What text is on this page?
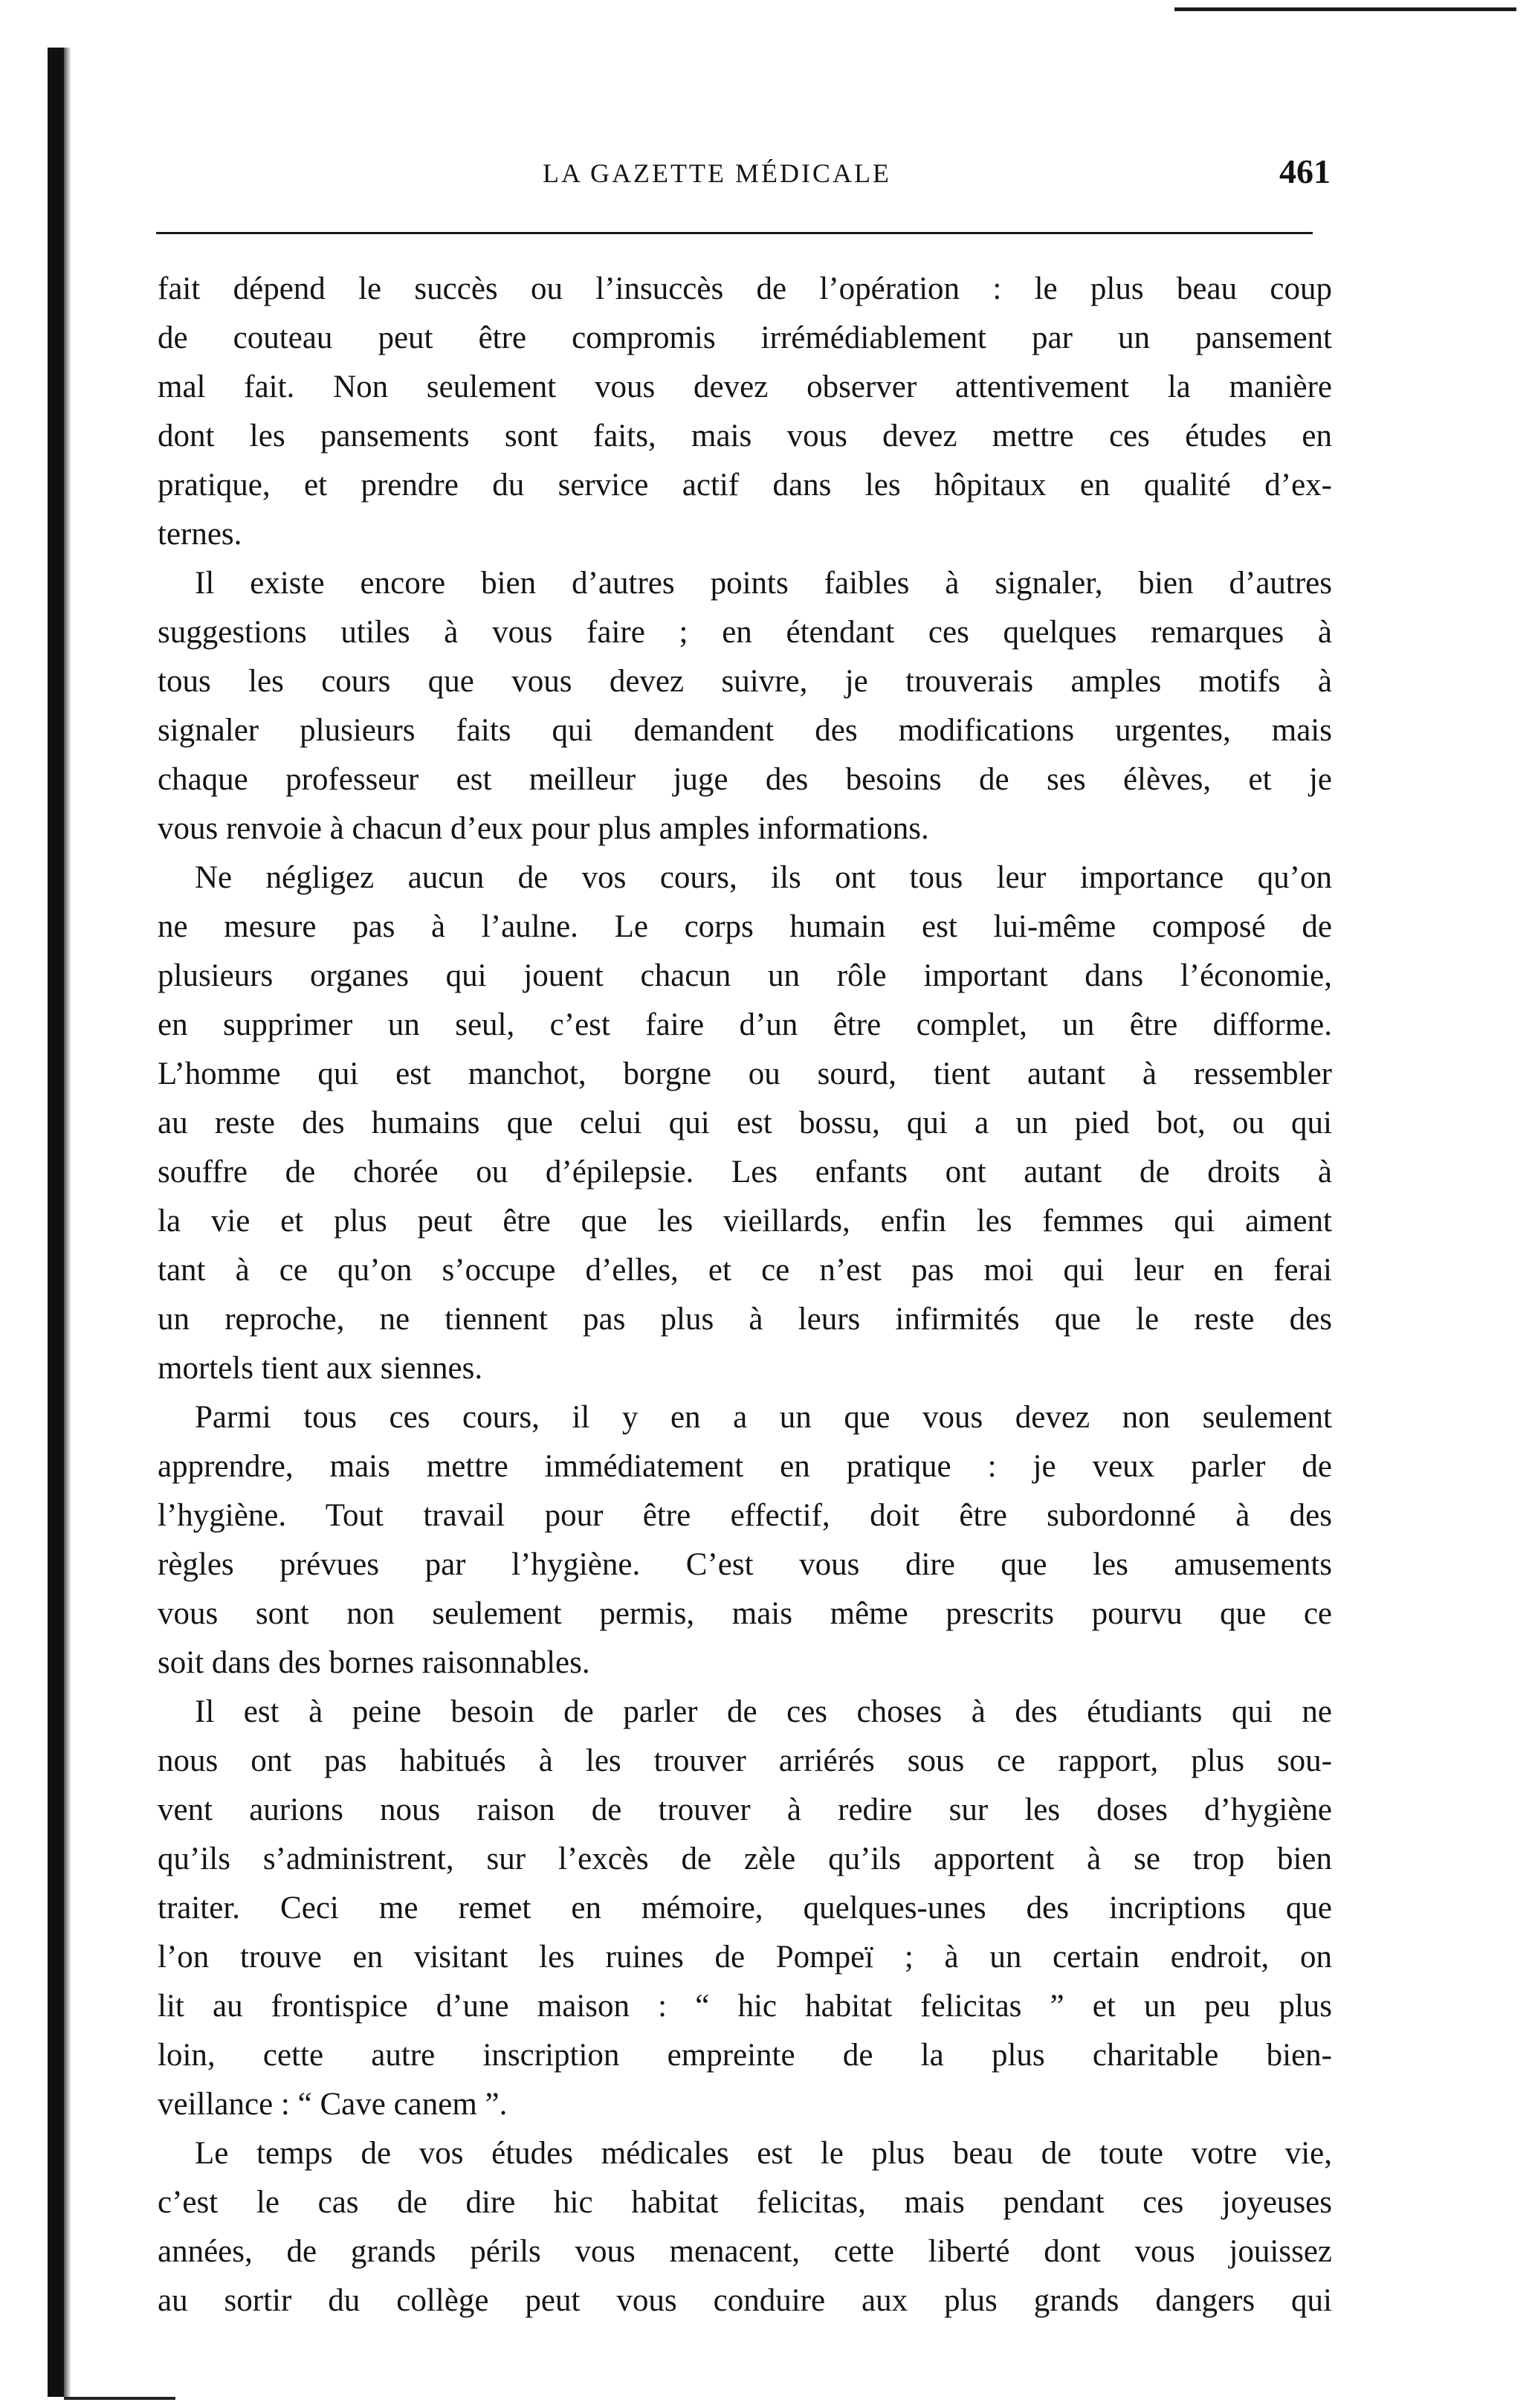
LA GAZETTE MÉDICALE	461
fait dépend le succès ou l’insuccès de l’opération : le plus beau coup
de couteau peut être compromis irrémédiablement par un pansement
mal fait. Non seulement vous devez observer attentivement la manière
dont les pansements sont faits, mais vous devez mettre ces études en
pratique, et prendre du service actif dans les hôpitaux en qualité d’ex-
ternes.
Il existe encore bien d’autres points faibles à signaler, bien d’autres
suggestions utiles à vous faire ; en étendant ces quelques remarques à
tous les cours que vous devez suivre, je trouverais amples motifs à
signaler plusieurs faits qui demandent des modifications urgentes, mais
chaque professeur est meilleur juge des besoins de ses élèves, et je
vous renvoie à chacun d’eux pour plus amples informations.
Ne négligez aucun de vos cours, ils ont tous leur importance qu’on
ne mesure pas à l’aulne. Le corps humain est lui-même composé de
plusieurs organes qui jouent chacun un rôle important dans l’économie,
en supprimer un seul, c’est faire d’un être complet, un être difforme.
L’homme qui est manchot, borgne ou sourd, tient autant à ressembler
au reste des humains que celui qui est bossu, qui a un pied bot, ou qui
souffre de chorée ou d’épilepsie. Les enfants ont autant de droits à
la vie et plus peut être que les vieillards, enfin les femmes qui aiment
tant à ce qu’on s’occupe d’elles, et ce n’est pas moi qui leur en ferai
un reproche, ne tiennent pas plus à leurs infirmités que le reste des
mortels tient aux siennes.
Parmi tous ces cours, il y en a un que vous devez non seulement
apprendre, mais mettre immédiatement en pratique : je veux parler de
l’hygiène. Tout travail pour être effectif, doit être subordonné à des
règles prévues par l’hygiène. C’est vous dire que les amusements
vous sont non seulement permis, mais même prescrits pourvu que ce
soit dans des bornes raisonnables.
Il est à peine besoin de parler de ces choses à des étudiants qui ne
nous ont pas habitués à les trouver arriérés sous ce rapport, plus sou-
vent aurions nous raison de trouver à redire sur les doses d’hygiène
qu’ils s’administrent, sur l’excès de zèle qu’ils apportent à se trop bien
traiter. Ceci me remet en mémoire, quelques-unes des incriptions que
l’on trouve en visitant les ruines de Pompeï ; à un certain endroit, on
lit au frontispice d’une maison : “ hic habitat felicitas ” et un peu plus
loin, cette autre inscription empreinte de la plus charitable bien-
veillance : “ Cave canem ”.
Le temps de vos études médicales est le plus beau de toute votre vie,
c’est le cas de dire hic habitat felicitas, mais pendant ces joyeuses
années, de grands périls vous menacent, cette liberté dont vous jouissez
au sortir du collège peut vous conduire aux plus grands dangers qui
